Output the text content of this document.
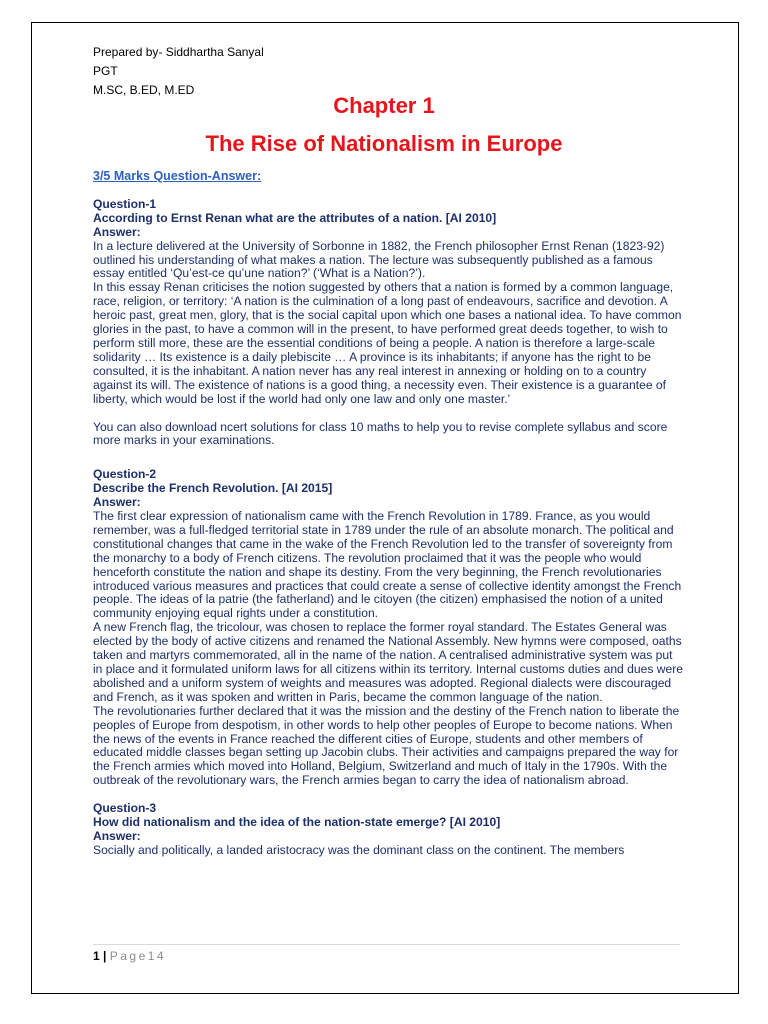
Prepared by- Siddhartha Sanyal
PGT
M.SC, B.ED, M.ED
Chapter 1
The Rise of Nationalism in Europe
3/5 Marks Question-Answer:
Question-1
According to Ernst Renan what are the attributes of a nation. [AI 2010]
Answer:

In a lecture delivered at the University of Sorbonne in 1882, the French philosopher Ernst Renan (1823-92) outlined his understanding of what makes a nation. The lecture was subsequently published as a famous essay entitled ‘Qu’est-ce qu’une nation?’ (‘What is a Nation?’).

In this essay Renan criticises the notion suggested by others that a nation is formed by a common language, race, religion, or territory: ‘A nation is the culmination of a long past of endeavours, sacrifice and devotion. A heroic past, great men, glory, that is the social capital upon which one bases a national idea. To have common glories in the past, to have a common will in the present, to have performed great deeds together, to wish to perform still more, these are the essential conditions of being a people. A nation is therefore a large-scale solidarity … Its existence is a daily plebiscite … A province is its inhabitants; if anyone has the right to be consulted, it is the inhabitant. A nation never has any real interest in annexing or holding on to a country against its will. The existence of nations is a good thing, a necessity even. Their existence is a guarantee of liberty, which would be lost if the world had only one law and only one master.’

You can also download ncert solutions for class 10 maths to help you to revise complete syllabus and score more marks in your examinations.

Question-2
Describe the French Revolution. [AI 2015]
Answer:

The first clear expression of nationalism came with the French Revolution in 1789. France, as you would remember, was a full-fledged territorial state in 1789 under the rule of an absolute monarch. The political and constitutional changes that came in the wake of the French Revolution led to the transfer of sovereignty from the monarchy to a body of French citizens. The revolution proclaimed that it was the people who would henceforth constitute the nation and shape its destiny. From the very beginning, the French revolutionaries introduced various measures and practices that could create a sense of collective identity amongst the French people. The ideas of la patrie (the fatherland) and le citoyen (the citizen) emphasised the notion of a united community enjoying equal rights under a constitution.

A new French flag, the tricolour, was chosen to replace the former royal standard. The Estates General was elected by the body of active citizens and renamed the National Assembly. New hymns were composed, oaths taken and martyrs commemorated, all in the name of the nation. A centralised administrative system was put in place and it formulated uniform laws for all citizens within its territory. Internal customs duties and dues were abolished and a uniform system of weights and measures was adopted. Regional dialects were discouraged and French, as it was spoken and written in Paris, became the common language of the nation.

The revolutionaries further declared that it was the mission and the destiny of the French nation to liberate the peoples of Europe from despotism, in other words to help other peoples of Europe to become nations. When the news of the events in France reached the different cities of Europe, students and other members of educated middle classes began setting up Jacobin clubs. Their activities and campaigns prepared the way for the French armies which moved into Holland, Belgium, Switzerland and much of Italy in the 1790s. With the outbreak of the revolutionary wars, the French armies began to carry the idea of nationalism abroad.

Question-3
How did nationalism and the idea of the nation-state emerge? [AI 2010]
Answer:

Socially and politically, a landed aristocracy was the dominant class on the continent. The members

1 | Page14
